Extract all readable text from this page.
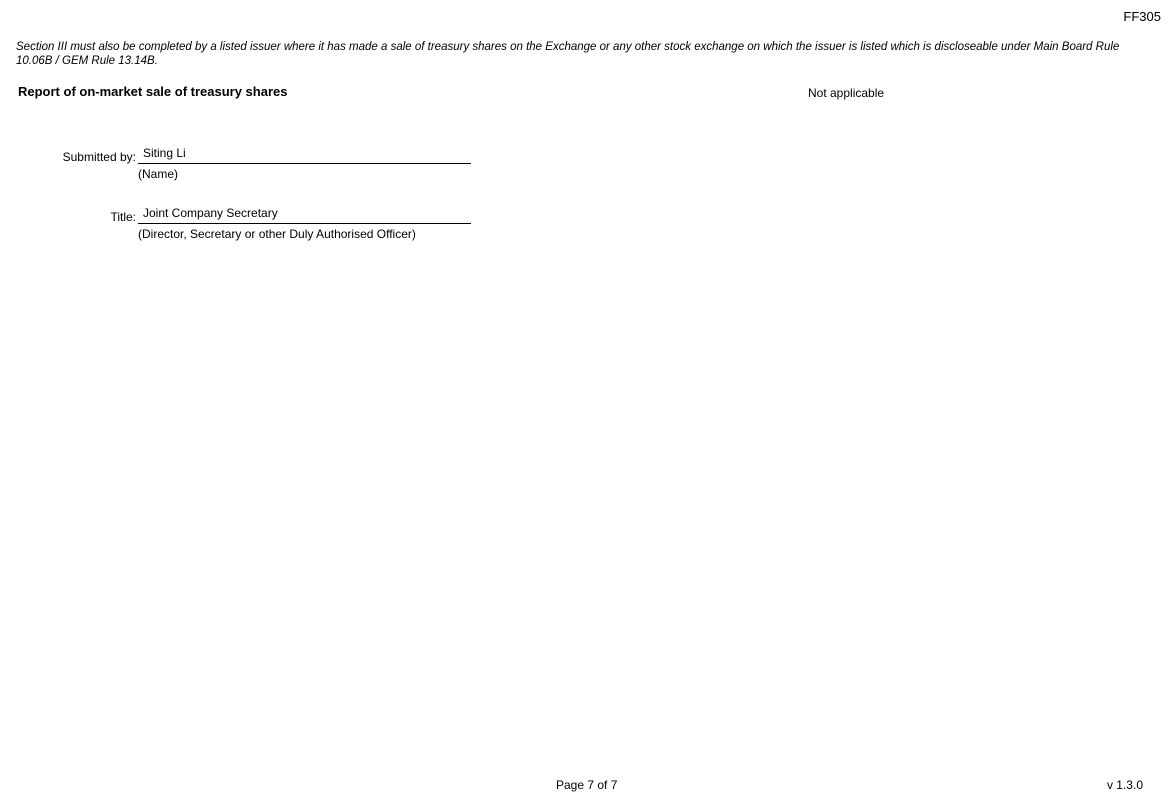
FF305
Section III must also be completed by a listed issuer where it has made a sale of treasury shares on the Exchange or any other stock exchange on which the issuer is listed which is discloseable under Main Board Rule 10.06B / GEM Rule 13.14B.
Report of on-market sale of treasury shares	Not applicable
Submitted by: Siting Li
(Name)
Title: Joint Company Secretary
(Director, Secretary or other Duly Authorised Officer)
Page 7 of 7	v 1.3.0
